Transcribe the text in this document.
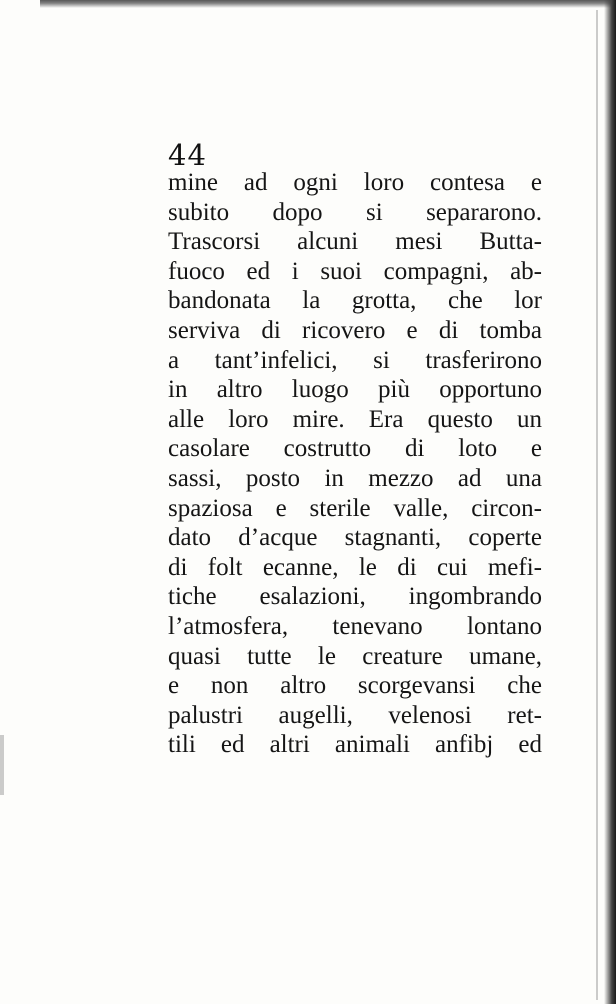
44
mine ad ogni loro contesa e
subito dopo si separarono.
Trascorsi alcuni mesi Butta-
fuoco ed i suoi compagni, ab-
bandonata la grotta, che lor
serviva di ricovero e di tomba
a tant’infelici, si trasferirono
in altro luogo più opportuno
alle loro mire. Era questo un
casolare costrutto di loto e
sassi, posto in mezzo ad una
spaziosa e sterile valle, circon-
dato d’acque stagnanti, coperte
di folt ecanne, le di cui mefi-
tiche esalazioni, ingombrando
l’atmosfera, tenevano lontano
quasi tutte le creature umane,
e non altro scorgevansi che
palustri augelli, velenosi ret-
tili ed altri animali anfibj ed
